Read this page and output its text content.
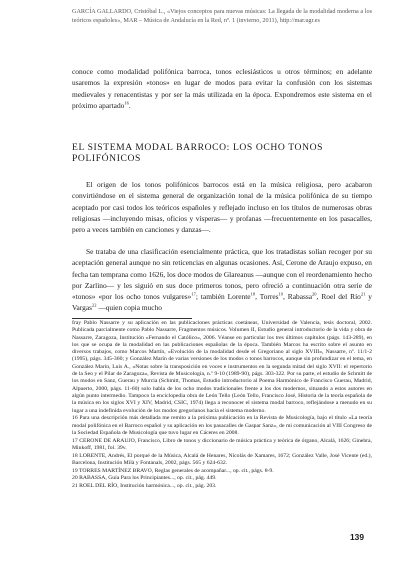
GARCÍA GALLARDO, Cristóbal L., «Viejos conceptos para nuevas músicas: La llegada de la modalidad moderna a los teóricos españoles», MAR – Música de Andalucía en la Red, nº. 1 (invierno, 2011), http://mar.ugr.es
conoce como modalidad polifónica barroca, tonos eclesiásticos u otros términos; en adelante usaremos la expresión «tonos» en lugar de modos para evitar la confusión con los sistemas medievales y renacentistas y por ser la más utilizada en la época. Expondremos este sistema en el próximo apartado$^{16}$.
EL SISTEMA MODAL BARROCO: LOS OCHO TONOS POLIFÓNICOS

El origen de los tonos polifónicos barrocos está en la música religiosa, pero acabaron convirtiéndose en el sistema general de organización tonal de la música polifónica de su tiempo aceptado por casi todos los teóricos españoles y reflejado incluso en los títulos de numerosas obras religiosas —incluyendo misas, oficios y vísperas— y profanas —frecuentemente en los pasacalles, pero a veces también en canciones y danzas—.

Se trataba de una clasificación esencialmente práctica, que los tratadistas solían recoger por su aceptación general aunque no sin reticencias en algunas ocasiones. Así, Cerone de Araujo expuso, en fecha tan temprana como 1626, los doce modos de Glareanus —aunque con el reordenamiento hecho por Zarlino— y les siguió en sus doce primeros tonos, pero ofreció a continuación otra serie de «tonos» «por los ocho tonos vulgares»$^{17}$; también Lorente$^{18}$, Torres$^{19}$, Rabassa$^{20}$, Roel del Río$^{21}$ y Vargas$^{22}$ —quien copia mucho

fray Pablo Nassarre y su aplicación en las publicaciones prácticas coetáneas, Universidad de Valencia, tesis doctoral, 2002. Publicada parcialmente como Pablo Nassarre, Fragmentos músicos. Volumen II, Estudio general introductorio de la vida y obra de Nassarre, Zaragoza, Institución «Fernando el Católico», 2006. Véanse en particular los tres últimos capítulos (págs. 143-289), en los que se ocupa de la modalidad en las publicaciones españolas de la época. También Marcos ha escrito sobre el asunto en diversos trabajos, como Marcos Martín, «Evolución de la modalidad desde el Gregoriano al siglo XVIII», Nassarre, nº. 11/1-2 (1995), págs. 345-360; y González Marín de varias versiones de los modos o tonos barrocos, aunque sin profundizar en el tema, en González Marín, Luis A., «Notas sobre la transposición en voces e instrumentos en la segunda mitad del siglo XVII: el repertorio de la Seo y el Pilar de Zaragoza», Revista de Musicología, n.º 9-10 (1989-90), págs. 303-322. Por su parte, el estudio de Schmitt de los modos en Sanz, Guerau y Murcia (Schmitt, Thomas, Estudio introductorio al Poema Harmónico de Francisco Guerau, Madrid, Alpuerto, 2000, págs. 11-60) solo habla de los ocho modos tradicionales frente a los dos modernos, situando a estos autores en algún punto intermedio. Tampoco la enciclopedia obra de León Tello (León Tello, Francisco José, Historia de la teoría española de la música en los siglos XVI y XIV, Madrid, CSIC, 1974) llega a reconocer el sistema modal barroco, reflejándose a menudo en su lugar a una indefinida evolución de los modos gregorianos hacia el sistema moderno.

16 Para una descripción más detallada me remito a la próxima publicación en la Revista de Musicología, bajo el título «La teoría modal polifónica en el Barroco español y su aplicación en los pasacalles de Gaspar Sanz», de mi comunicación al VIII Congreso de la Sociedad Española de Musicología que tuvo lugar en Cáceres en 2008.

17 CERONE DE ARAUJO, Francisco, Libro de tonos y diccionario de música práctica y teórica de órgano, Alcalá, 1626; Ginebra, Minkoff, 1981, fol. 39v.

18 LORENTE, Andrés, El porqué de la Música, Alcalá de Henares, Nicolás de Xamares, 1672; González Valle, José Vicente (ed.), Barcelona, Institución Milà y Fontanals, 2002, págs. 565 y 624-632.

19 TORRES MARTÍNEZ BRAVO, Reglas generales de acompañar..., op. cit., págs. 8-9.

20 RABASSA, Guía Para los Principiantes..., op. cit., pág. 449.

21 ROEL DEL RÍO, Institución harmónica..., op. cit., pág. 203.

139
